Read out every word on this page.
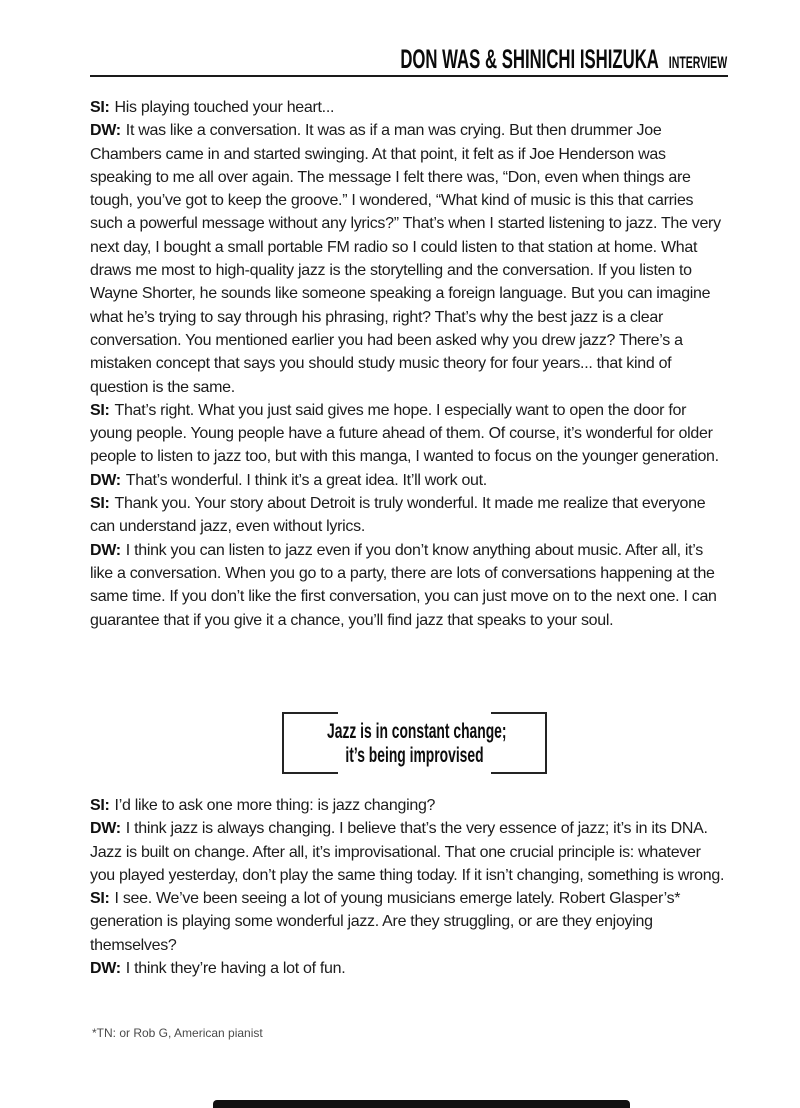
DON WAS & SHINICHI ISHIZUKA INTERVIEW

SI: His playing touched your heart...

DW: It was like a conversation. It was as if a man was crying. But then drummer Joe Chambers came in and started swinging. At that point, it felt as if Joe Henderson was speaking to me all over again. The message I felt there was, “Don, even when things are tough, you’ve got to keep the groove.” I wondered, “What kind of music is this that carries such a powerful message without any lyrics?” That’s when I started listening to jazz. The very next day, I bought a small portable FM radio so I could listen to that station at home. What draws me most to high-quality jazz is the storytelling and the conversation. If you listen to Wayne Shorter, he sounds like someone speaking a foreign language. But you can imagine what he’s trying to say through his phrasing, right? That’s why the best jazz is a clear conversation. You mentioned earlier you had been asked why you drew jazz? There’s a mistaken concept that says you should study music theory for four years... that kind of question is the same.

SI: That’s right. What you just said gives me hope. I especially want to open the door for young people. Young people have a future ahead of them. Of course, it’s wonderful for older people to listen to jazz too, but with this manga, I wanted to focus on the younger generation.

DW: That’s wonderful. I think it’s a great idea. It’ll work out.

SI: Thank you. Your story about Detroit is truly wonderful. It made me realize that everyone can understand jazz, even without lyrics.

DW: I think you can listen to jazz even if you don’t know anything about music. After all, it’s like a conversation. When you go to a party, there are lots of conversations happening at the same time. If you don’t like the first conversation, you can just move on to the next one. I can guarantee that if you give it a chance, you’ll find jazz that speaks to your soul.

Jazz is in constant change;
it’s being improvised

SI: I’d like to ask one more thing: is jazz changing?

DW: I think jazz is always changing. I believe that’s the very essence of jazz; it’s in its DNA. Jazz is built on change. After all, it’s improvisational. That one crucial principle is: whatever you played yesterday, don’t play the same thing today. If it isn’t changing, something is wrong.

SI: I see. We’ve been seeing a lot of young musicians emerge lately. Robert Glasper’s* generation is playing some wonderful jazz. Are they struggling, or are they enjoying themselves?

DW: I think they’re having a lot of fun.

*TN: or Rob G, American pianist
